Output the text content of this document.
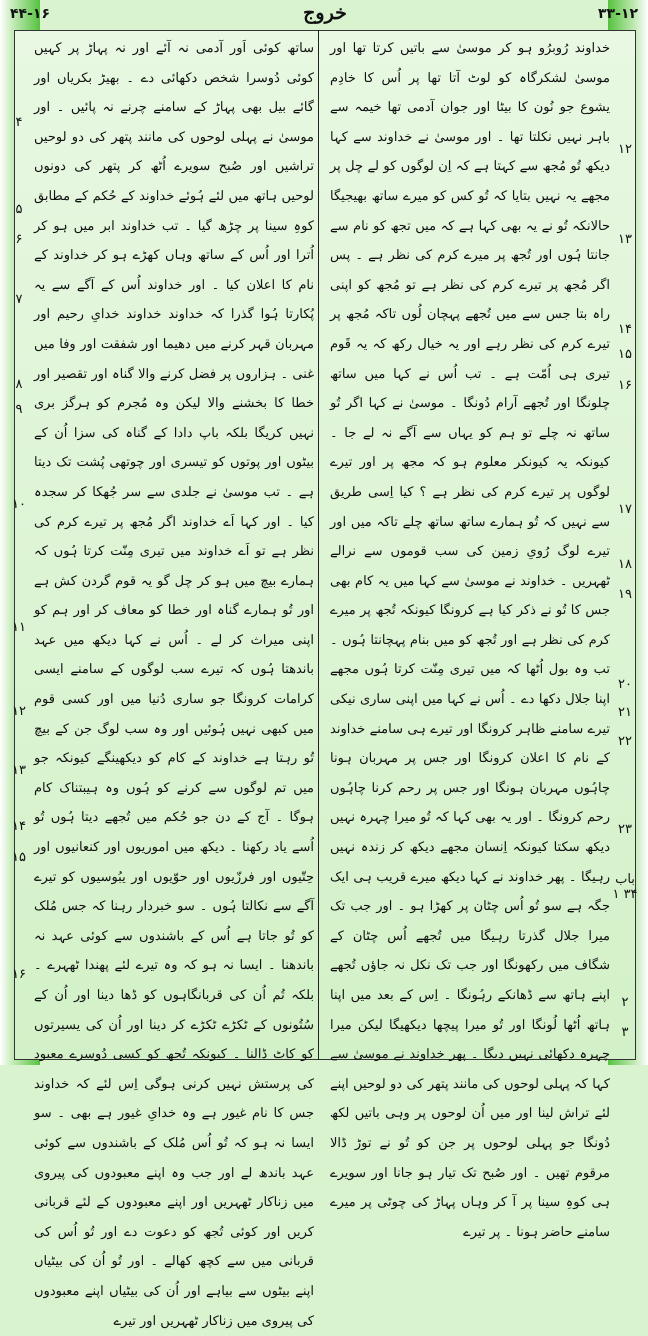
۴۴-۱۶	خروج	۳۳-۱۲
خداوند رُوبرُو ہو کر موسیٰ سے باتیں کرتا تھا اور موسیٰ لشکرگاہ کو لوٹ آتا تھا پر اُس کا خادِم یشوع جو نُون کا بیٹا اور جوان آدمی تھا خیمہ سے باہر نہیں نکلتا تھا ۔ اور موسیٰ نے خداوند سے کہا دیکھ تُو مُجھ سے کہتا ہے کہ اِن لوگوں کو لے چل پر مجھے یہ نہیں بتایا کہ تُو کس کو میرے ساتھ بھیجیگا حالانکہ تُو نے یہ بھی کہا ہے کہ میں تجھ کو نام سے جانتا ہُوں اور تُجھ پر میرے کرم کی نظر ہے ۔ پس اگر مُجھ پر تیرے کرم کی نظر ہے تو مُجھ کو اپنی راہ بتا جس سے میں تُجھے پہچان لُوں تاکہ مُجھ پر تیرے کرم کی نظر رہے اور یہ خیال رکھ کہ یہ قَوم تیری ہی اُمّت ہے ۔ تب اُس نے کہا میں ساتھ چلونگا اور تُجھے آرام دُونگا ۔ موسیٰ نے کہا اگر تُو ساتھ نہ چلے تو ہم کو یہاں سے آگے نہ لے جا ۔ کیونکہ یہ کیونکر معلوم ہو کہ مجھ پر اور تیرے لوگوں پر تیرے کرم کی نظر ہے ؟ کیا اِسی طریق سے نہیں کہ تُو ہمارے ساتھ ساتھ چلے تاکہ میں اور تیرے لوگ رُویِ زمین کی سب قوموں سے نرالے ٹھہریں ۔ خداوند نے موسیٰ سے کہا میں یہ کام بھی جس کا تُو نے ذکر کیا ہے کرونگا کیونکہ تُجھ پر میرے کرم کی نظر ہے اور تُجھ کو میں بنام پہچانتا ہُوں ۔ تب وہ بول اُٹھا کہ میں تیری مِنّت کرتا ہُوں مجھے اپنا جلال دکھا دے ۔ اُس نے کہا میں اپنی ساری نیکی تیرے سامنے ظاہر کرونگا اور تیرے ہی سامنے خداوند کے نام کا اعلان کرونگا اور جس پر مہربان ہونا چاہُوں مہربان ہونگا اور جس پر رحم کرنا چاہُوں رحم کرونگا ۔ اور یہ بھی کہا کہ تُو میرا چہرہ نہیں دیکھ سکتا کیونکہ اِنسان مجھے دیکھ کر زندہ نہیں رہیگا ۔ پھر خداوند نے کہا دیکھ میرے قریب ہی ایک جگہ ہے سو تُو اُس چٹان پر کھڑا ہو ۔ اور جب تک میرا جلال گذرتا رہیگا میں تُجھے اُس چٹان کے شگاف میں رکھونگا اور جب تک نکل نہ جاؤں تُجھے اپنے ہاتھ سے ڈھانکے رہُونگا ۔ اِس کے بعد میں اپنا ہاتھ اُٹھا لُونگا اور تُو میرا پیچھا دیکھیگا لیکن میرا چہرہ دکھائی نہیں دیگا ۔ پھر خداوند نے موسیٰ سے کہا کہ پہلی لوحوں کی مانند پتھر کی دو لوحیں اپنے لئے تراش لینا اور میں اُن لوحوں پر وہی باتیں لکھ دُونگا جو پہلی لوحوں پر جن کو تُو نے توڑ ڈالا مرقوم تھیں ۔ اور صُبح تک تیار ہو جانا اور سویرے ہی کوہِ سینا پر آ کر وہاں پہاڑ کی چوٹی پر میرے سامنے حاضر ہونا ۔ پر تیرے
ساتھ کوئی اَور آدمی نہ آئے اور نہ پہاڑ پر کہیں کوئی دُوسرا شخص دکھائی دے ۔ بھیڑ بکریاں اور گائے بیل بھی پہاڑ کے سامنے چرنے نہ پائیں ۔ اور موسیٰ نے پہلی لوحوں کی مانند پتھر کی دو لوحیں تراشیں اور صُبح سویرے اُٹھ کر پتھر کی دونوں لوحیں ہاتھ میں لئے ہُوئے خداوند کے حُکم کے مطابق کوہِ سینا پر چڑھ گیا ۔ تب خداوند ابر میں ہو کر اُترا اور اُس کے ساتھ وہاں کھڑے ہو کر خداوند کے نام کا اعلان کیا ۔ اور خداوند اُس کے آگے سے یہ پُکارتا ہُوا گذرا کہ خداوند خداوند خدایِ رحیم اور مہربان قہر کرنے میں دھیما اور شفقت اور وفا میں غنی ۔ ہزاروں پر فضل کرنے والا گناہ اور تقصیر اور خطا کا بخشنے والا لیکن وہ مُجرم کو ہرگز بری نہیں کریگا بلکہ باپ دادا کے گناہ کی سزا اُن کے بیٹوں اور پوتوں کو تیسری اور چوتھی پُشت تک دیتا ہے ۔ تب موسیٰ نے جلدی سے سر جُھکا کر سجدہ کیا ۔ اور کہا اَے خداوند اگر مُجھ پر تیرے کرم کی نظر ہے تو اَے خداوند میں تیری مِنّت کرتا ہُوں کہ ہمارے بیچ میں ہو کر چل گو یہ قوم گردن کش ہے اور تُو ہمارے گناہ اور خطا کو معاف کر اور ہم کو اپنی میراث کر لے ۔ اُس نے کہا دیکھ میں عہد باندھتا ہُوں کہ تیرے سب لوگوں کے سامنے ایسی کرامات کرونگا جو ساری دُنیا میں اور کسی قوم میں کبھی نہیں ہُوئیں اور وہ سب لوگ جن کے بیچ تُو رہتا ہے خداوند کے کام کو دیکھینگے کیونکہ جو میں تم لوگوں سے کرنے کو ہُوں وہ ہیبتناک کام ہوگا ۔ آج کے دن جو حُکم میں تُجھے دیتا ہُوں تُو اُسے یاد رکھنا ۔ دیکھ میں اموریوں اور کنعانیوں اور حِتّیوں اور فرزّیوں اور حوّیوں اور یبُوسیوں کو تیرے آگے سے نکالتا ہُوں ۔ سو خبردار رہنا کہ جس مُلک کو تُو جاتا ہے اُس کے باشندوں سے کوئی عہد نہ باندھنا ۔ ایسا نہ ہو کہ وہ تیرے لئے پھندا ٹھہرے ۔ بلکہ تُم اُن کی قربانگاہوں کو ڈھا دینا اور اُن کے سُتُونوں کے ٹکڑے ٹکڑے کر دینا اور اُن کی یسیرتوں کو کاٹ ڈالنا ۔ کیونکہ تُجھ کو کسی دُوسرے معبود کی پرستش نہیں کرنی ہوگی اِس لئے کہ خداوند جس کا نام غیور ہے وہ خدایِ غیور ہے بھی ۔ سو ایسا نہ ہو کہ تُو اُس مُلک کے باشندوں سے کوئی عہد باندھ لے اور جب وہ اپنے معبودوں کی پیروی میں زناکار ٹھہریں اور اپنے معبودوں کے لئے قربانی کریں اور کوئی تُجھ کو دعوت دے اور تُو اُس کی قربانی میں سے کچھ کھالے ۔ اور تُو اُن کی بیٹیاں اپنے بیٹوں سے بیاہے اور اُن کی بیٹیاں اپنے معبودوں کی پیروی میں زناکار ٹھہریں اور تیرے
۱۲
۱۳
۱۴
۱۵
۱۶
۱۷
۱۸
۱۹
۲۰
۲۱
۲۲
۲۳
باب ۳۴ ۱
۲
۳
۴
۵
۶
۷
۸
۹
۱۰
۱۱
۱۲
۱۳
۱۴
۱۵
۱۶
